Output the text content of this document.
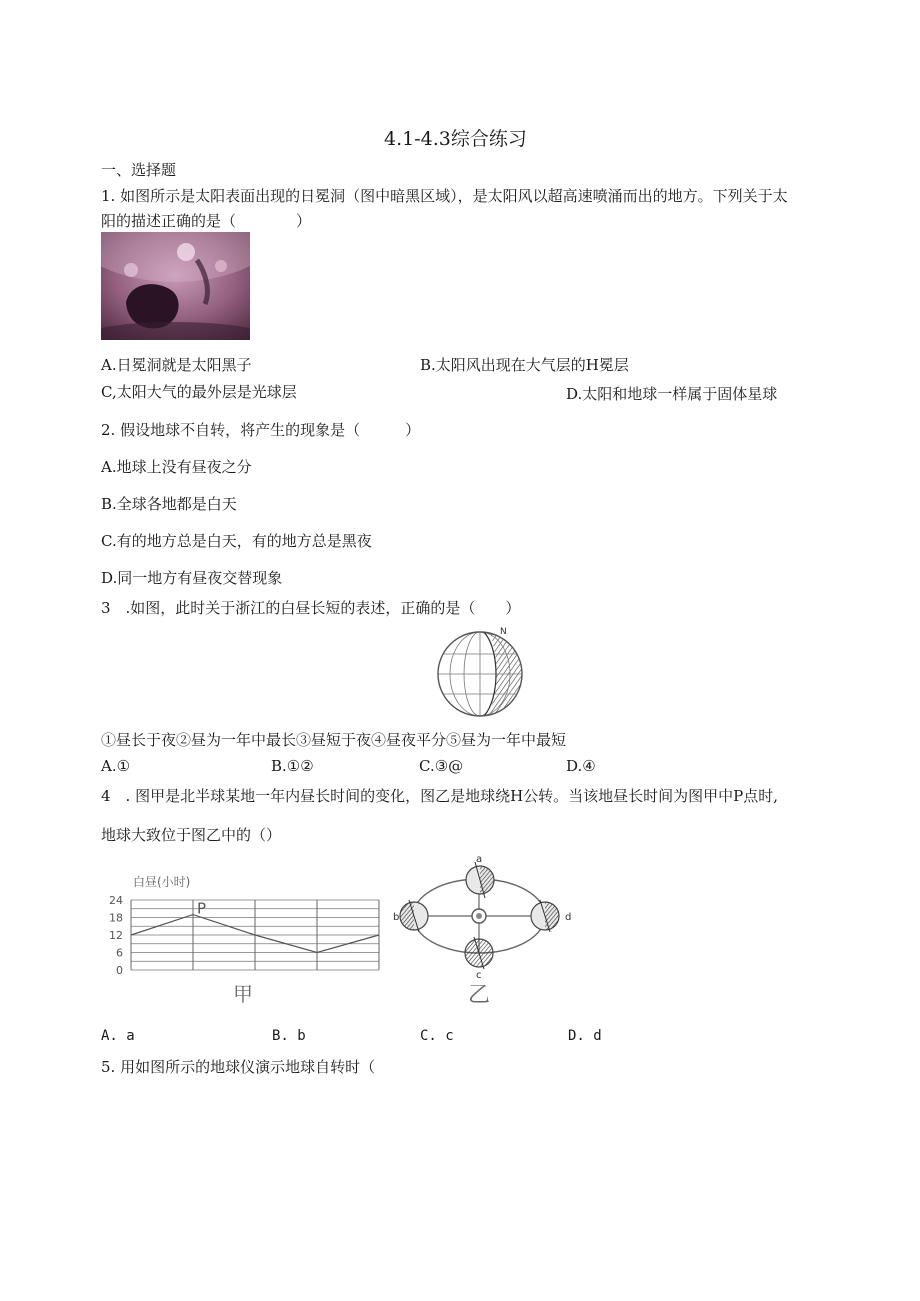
4.1-4.3综合练习
一、选择题
1. 如图所示是太阳表面出现的日冕洞（图中暗黑区域），是太阳风以超高速喷涌而出的地方。下列关于太
阳的描述正确的是（　　　　）
A.日冕洞就是太阳黑子	B.太阳风出现在大气层的H冕层
C,太阳大气的最外层是光球层	D.太阳和地球一样属于固体星球
2. 假设地球不自转，将产生的现象是（　　　）
A.地球上没有昼夜之分
B.全球各地都是白天
C.有的地方总是白天，有的地方总是黑夜
D.同一地方有昼夜交替现象
3　.如图，此时关于浙江的白昼长短的表述，正确的是（　　）
N
①昼长于夜②昼为一年中最长③昼短于夜④昼夜平分⑤昼为一年中最短
A.①	B.①②	C.③@	D.④
4　. 图甲是北半球某地一年内昼长时间的变化，图乙是地球绕H公转。当该地昼长时间为图甲中P点时,
地球大致位于图乙中的（）
白昼(小时)
0
6
12
18
24	P
甲
a
b
c
d
乙
A. a	B. b	C. c	D. d
5. 用如图所示的地球仪演示地球自转时（
